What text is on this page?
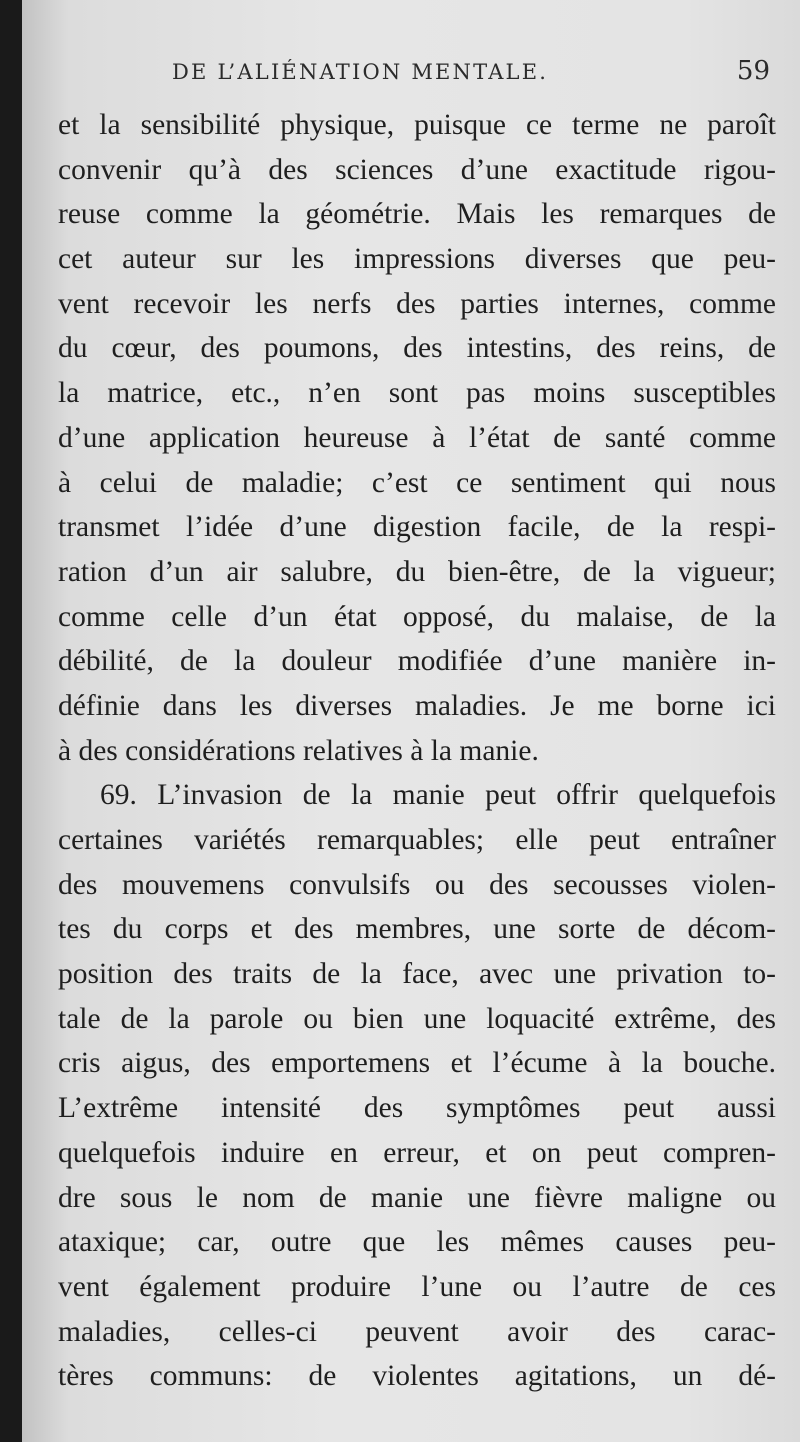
DE L’ALIÉNATION MENTALE.	59
et la sensibilité physique, puisque ce terme ne paroît
convenir qu’à des sciences d’une exactitude rigou-
reuse comme la géométrie. Mais les remarques de
cet auteur sur les impressions diverses que peu-
vent recevoir les nerfs des parties internes, comme
du cœur, des poumons, des intestins, des reins, de
la matrice, etc., n’en sont pas moins susceptibles
d’une application heureuse à l’état de santé comme
à celui de maladie; c’est ce sentiment qui nous
transmet l’idée d’une digestion facile, de la respi-
ration d’un air salubre, du bien-être, de la vigueur;
comme celle d’un état opposé, du malaise, de la
débilité, de la douleur modifiée d’une manière in-
définie dans les diverses maladies. Je me borne ici
à des considérations relatives à la manie.
69. L’invasion de la manie peut offrir quelquefois
certaines variétés remarquables; elle peut entraîner
des mouvemens convulsifs ou des secousses violen-
tes du corps et des membres, une sorte de décom-
position des traits de la face, avec une privation to-
tale de la parole ou bien une loquacité extrême, des
cris aigus, des emportemens et l’écume à la bouche.
L’extrême intensité des symptômes peut aussi
quelquefois induire en erreur, et on peut compren-
dre sous le nom de manie une fièvre maligne ou
ataxique; car, outre que les mêmes causes peu-
vent également produire l’une ou l’autre de ces
maladies, celles-ci peuvent avoir des carac-
tères communs: de violentes agitations, un dé-
